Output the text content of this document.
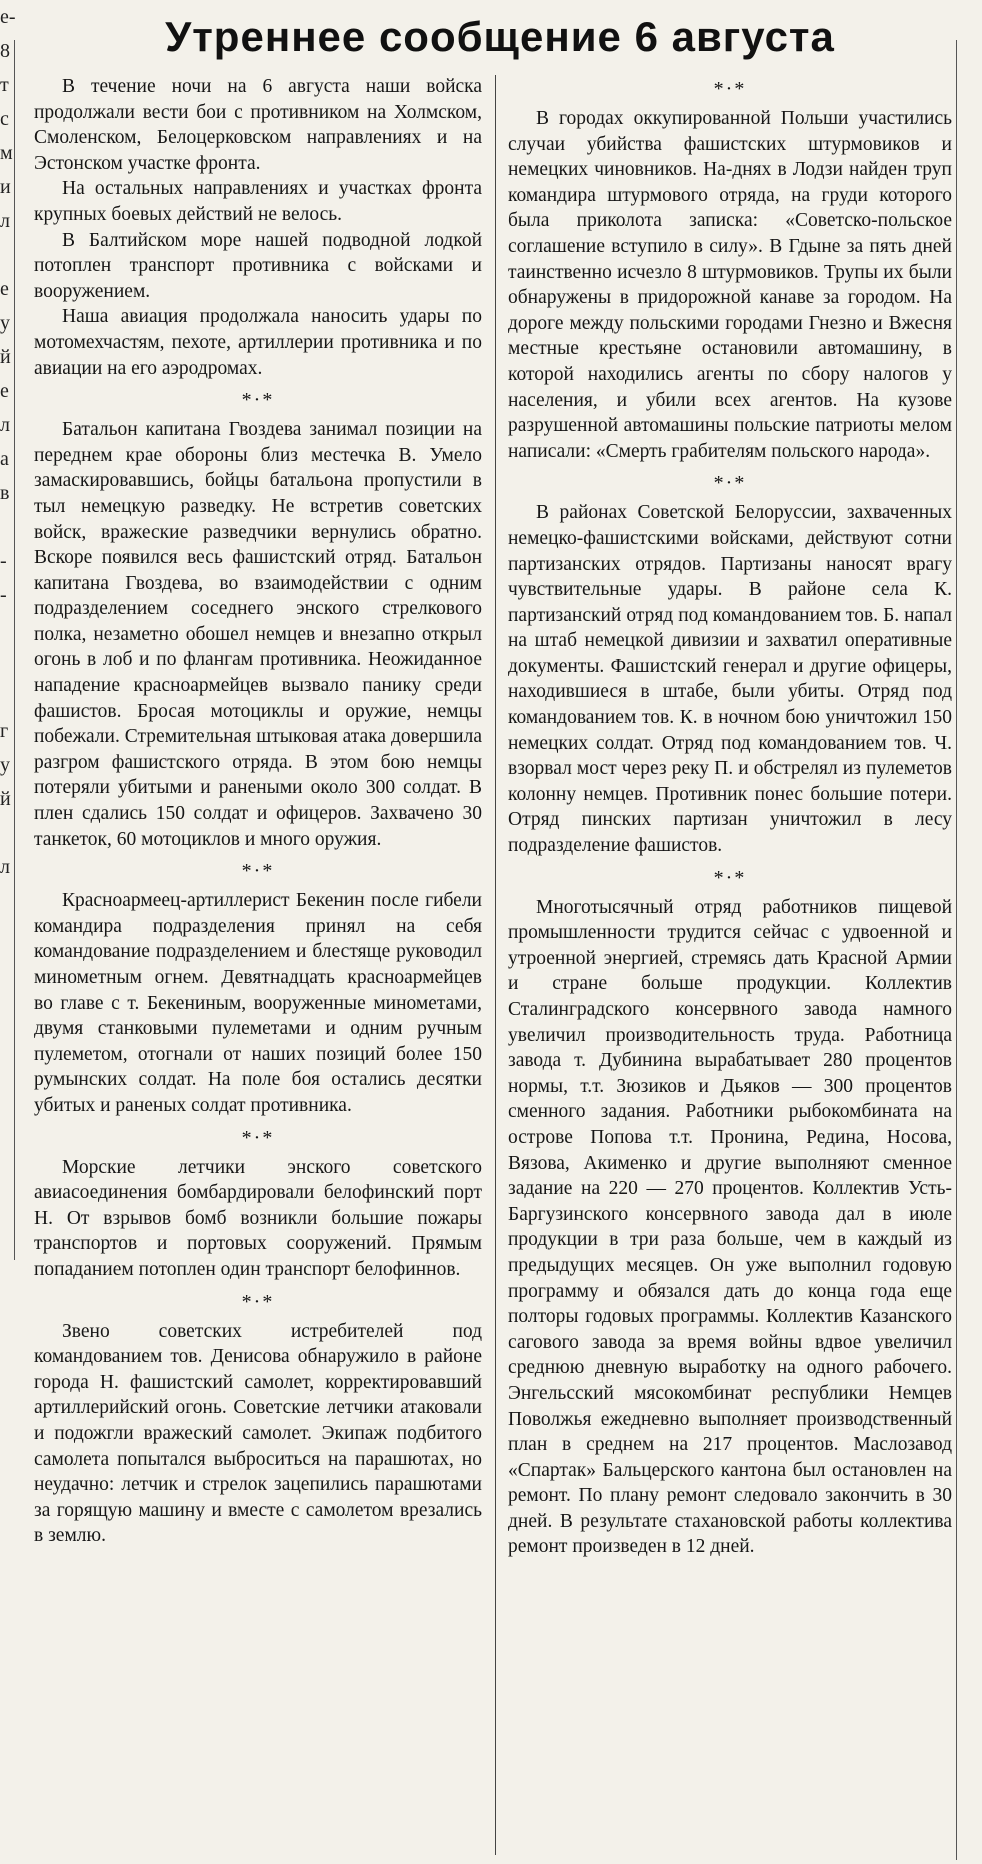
е-
8
т
с
м
и
л
е
у
й
е
л
а
в
-
-
г
у
й
л
Утреннее сообщение 6 августа

В течение ночи на 6 августа наши войска продолжали вести бои с противником на Холмском, Смоленском, Белоцерковском направлениях и на Эстонском участке фронта.

На остальных направлениях и участках фронта крупных боевых действий не велось.

В Балтийском море нашей подводной лодкой потоплен транспорт противника с войсками и вооружением.

Наша авиация продолжала наносить удары по мотомехчастям, пехоте, артиллерии противника и по авиации на его аэродромах.

*·*

Батальон капитана Гвоздева занимал позиции на переднем крае обороны близ местечка В. Умело замаскировавшись, бойцы батальона пропустили в тыл немецкую разведку. Не встретив советских войск, вражеские разведчики вернулись обратно. Вскоре появился весь фашистский отряд. Батальон капитана Гвоздева, во взаимодействии с одним подразделением соседнего энского стрелкового полка, незаметно обошел немцев и внезапно открыл огонь в лоб и по флангам противника. Неожиданное нападение красноармейцев вызвало панику среди фашистов. Бросая мотоциклы и оружие, немцы побежали. Стремительная штыковая атака довершила разгром фашистского отряда. В этом бою немцы потеряли убитыми и ранеными около 300 солдат. В плен сдались 150 солдат и офицеров. Захвачено 30 танкеток, 60 мотоциклов и много оружия.

*·*

Красноармеец-артиллерист Бекенин после гибели командира подразделения принял на себя командование подразделением и блестяще руководил минометным огнем. Девятнадцать красноармейцев во главе с т. Бекениным, вооруженные минометами, двумя станковыми пулеметами и одним ручным пулеметом, отогнали от наших позиций более 150 румынских солдат. На поле боя остались десятки убитых и раненых солдат противника.

*·*

Морские летчики энского советского авиасоединения бомбардировали белофинский порт Н. От взрывов бомб возникли большие пожары транспортов и портовых сооружений. Прямым попаданием потоплен один транспорт белофиннов.

*·*

Звено советских истребителей под командованием тов. Денисова обнаружило в районе города Н. фашистский самолет, корректировавший артиллерийский огонь. Советские летчики атаковали и подожгли вражеский самолет. Экипаж подбитого самолета попытался выброситься на парашютах, но неудачно: летчик и стрелок зацепились парашютами за горящую машину и вместе с самолетом врезались в землю.

*·*

В городах оккупированной Польши участились случаи убийства фашистских штурмовиков и немецких чиновников. На-днях в Лодзи найден труп командира штурмового отряда, на груди которого была приколота записка: «Советско-польское соглашение вступило в силу». В Гдыне за пять дней таинственно исчезло 8 штурмовиков. Трупы их были обнаружены в придорожной канаве за городом. На дороге между польскими городами Гнезно и Вжесня местные крестьяне остановили автомашину, в которой находились агенты по сбору налогов у населения, и убили всех агентов. На кузове разрушенной автомашины польские патриоты мелом написали: «Смерть грабителям польского народа».

*·*

В районах Советской Белоруссии, захваченных немецко-фашистскими войсками, действуют сотни партизанских отрядов. Партизаны наносят врагу чувствительные удары. В районе села К. партизанский отряд под командованием тов. Б. напал на штаб немецкой дивизии и захватил оперативные документы. Фашистский генерал и другие офицеры, находившиеся в штабе, были убиты. Отряд под командованием тов. К. в ночном бою уничтожил 150 немецких солдат. Отряд под командованием тов. Ч. взорвал мост через реку П. и обстрелял из пулеметов колонну немцев. Противник понес большие потери. Отряд пинских партизан уничтожил в лесу подразделение фашистов.

*·*

Многотысячный отряд работников пищевой промышленности трудится сейчас с удвоенной и утроенной энергией, стремясь дать Красной Армии и стране больше продукции. Коллектив Сталинградского консервного завода намного увеличил производительность труда. Работница завода т. Дубинина вырабатывает 280 процентов нормы, т.т. Зюзиков и Дьяков — 300 процентов сменного задания. Работники рыбокомбината на острове Попова т.т. Пронина, Редина, Носова, Вязова, Акименко и другие выполняют сменное задание на 220 — 270 процентов. Коллектив Усть-Баргузинского консервного завода дал в июле продукции в три раза больше, чем в каждый из предыдущих месяцев. Он уже выполнил годовую программу и обязался дать до конца года еще полторы годовых программы. Коллектив Казанского сагового завода за время войны вдвое увеличил среднюю дневную выработку на одного рабочего. Энгельсский мясокомбинат республики Немцев Поволжья ежедневно выполняет производственный план в среднем на 217 процентов. Маслозавод «Спартак» Бальцерского кантона был остановлен на ремонт. По плану ремонт следовало закончить в 30 дней. В результате стахановской работы коллектива ремонт произведен в 12 дней.
